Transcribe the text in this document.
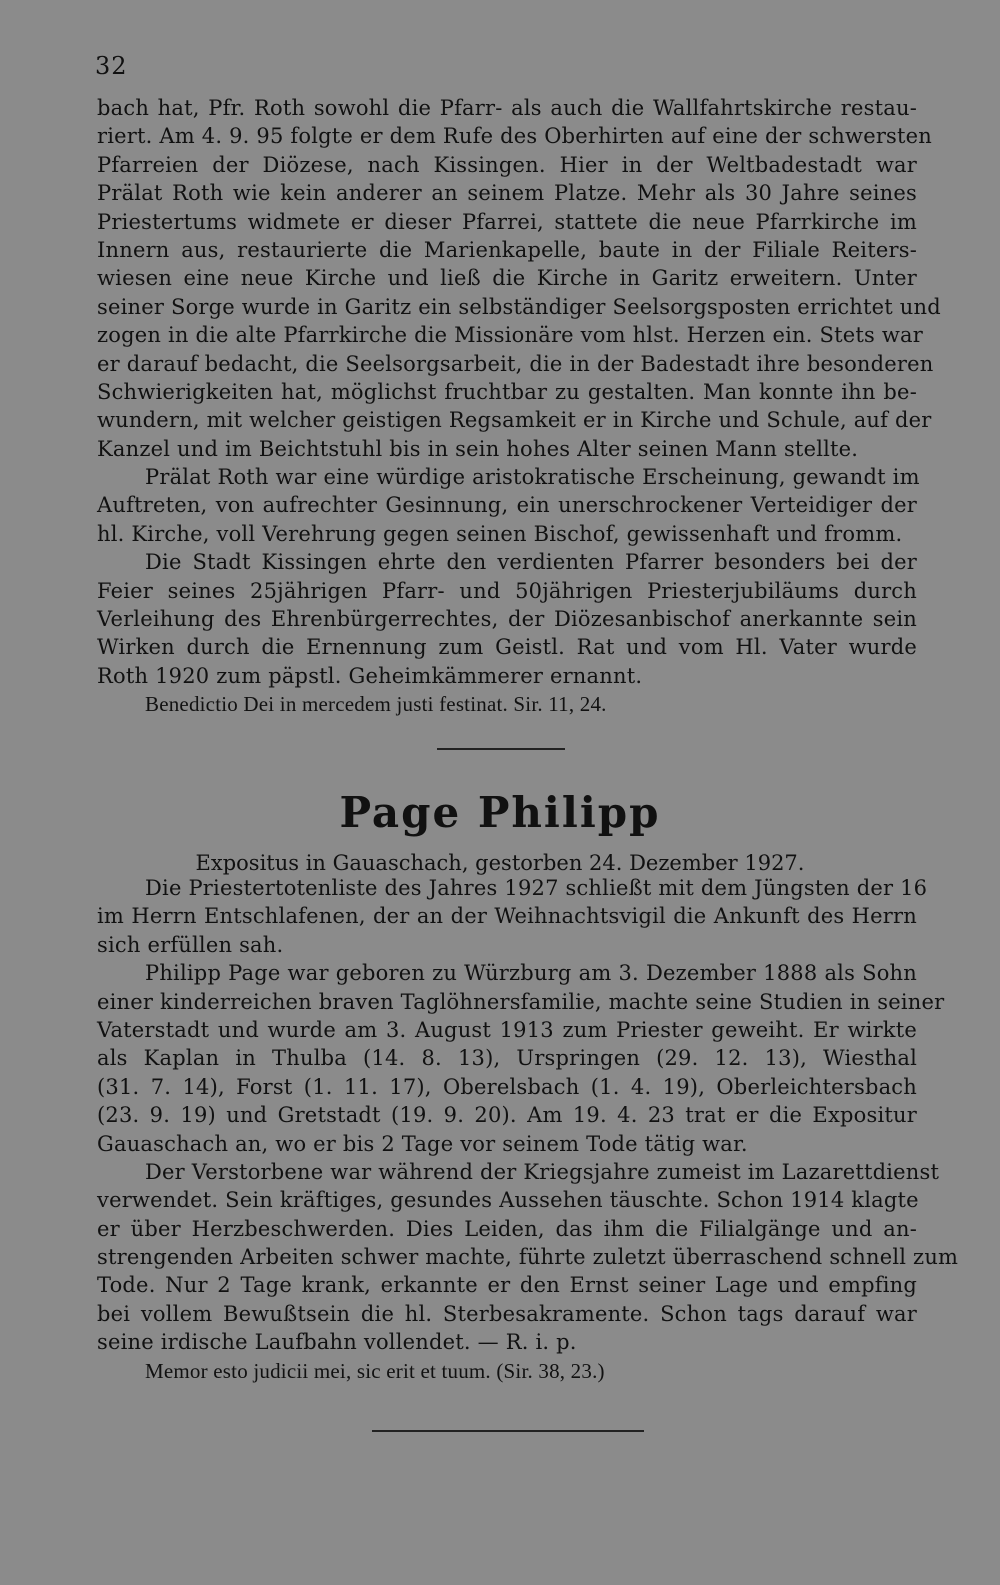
32
bach hat, Pfr. Roth sowohl die Pfarr- als auch die Wallfahrtskirche restau-
riert. Am 4. 9. 95 folgte er dem Rufe des Oberhirten auf eine der schwersten
Pfarreien der Diözese, nach Kissingen. Hier in der Weltbadestadt war
Prälat Roth wie kein anderer an seinem Platze. Mehr als 30 Jahre seines
Priestertums widmete er dieser Pfarrei, stattete die neue Pfarrkirche im
Innern aus, restaurierte die Marienkapelle, baute in der Filiale Reiters-
wiesen eine neue Kirche und ließ die Kirche in Garitz erweitern. Unter
seiner Sorge wurde in Garitz ein selbständiger Seelsorgsposten errichtet und
zogen in die alte Pfarrkirche die Missionäre vom hlst. Herzen ein. Stets war
er darauf bedacht, die Seelsorgsarbeit, die in der Badestadt ihre besonderen
Schwierigkeiten hat, möglichst fruchtbar zu gestalten. Man konnte ihn be-
wundern, mit welcher geistigen Regsamkeit er in Kirche und Schule, auf der
Kanzel und im Beichtstuhl bis in sein hohes Alter seinen Mann stellte.
Prälat Roth war eine würdige aristokratische Erscheinung, gewandt im
Auftreten, von aufrechter Gesinnung, ein unerschrockener Verteidiger der
hl. Kirche, voll Verehrung gegen seinen Bischof, gewissenhaft und fromm.
Die Stadt Kissingen ehrte den verdienten Pfarrer besonders bei der
Feier seines 25jährigen Pfarr- und 50jährigen Priesterjubiläums durch
Verleihung des Ehrenbürgerrechtes, der Diözesanbischof anerkannte sein
Wirken durch die Ernennung zum Geistl. Rat und vom Hl. Vater wurde
Roth 1920 zum päpstl. Geheimkämmerer ernannt.
Benedictio Dei in mercedem justi festinat. Sir. 11, 24.
Page Philipp
Expositus in Gauaschach, gestorben 24. Dezember 1927.
Die Priestertotenliste des Jahres 1927 schließt mit dem Jüngsten der 16
im Herrn Entschlafenen, der an der Weihnachtsvigil die Ankunft des Herrn
sich erfüllen sah.
Philipp Page war geboren zu Würzburg am 3. Dezember 1888 als Sohn
einer kinderreichen braven Taglöhnersfamilie, machte seine Studien in seiner
Vaterstadt und wurde am 3. August 1913 zum Priester geweiht. Er wirkte
als Kaplan in Thulba (14. 8. 13), Urspringen (29. 12. 13), Wiesthal
(31. 7. 14), Forst (1. 11. 17), Oberelsbach (1. 4. 19), Oberleichtersbach
(23. 9. 19) und Gretstadt (19. 9. 20). Am 19. 4. 23 trat er die Expositur
Gauaschach an, wo er bis 2 Tage vor seinem Tode tätig war.
Der Verstorbene war während der Kriegsjahre zumeist im Lazarettdienst
verwendet. Sein kräftiges, gesundes Aussehen täuschte. Schon 1914 klagte
er über Herzbeschwerden. Dies Leiden, das ihm die Filialgänge und an-
strengenden Arbeiten schwer machte, führte zuletzt überraschend schnell zum
Tode. Nur 2 Tage krank, erkannte er den Ernst seiner Lage und empfing
bei vollem Bewußtsein die hl. Sterbesakramente. Schon tags darauf war
seine irdische Laufbahn vollendet. — R. i. p.
Memor esto judicii mei, sic erit et tuum. (Sir. 38, 23.)
